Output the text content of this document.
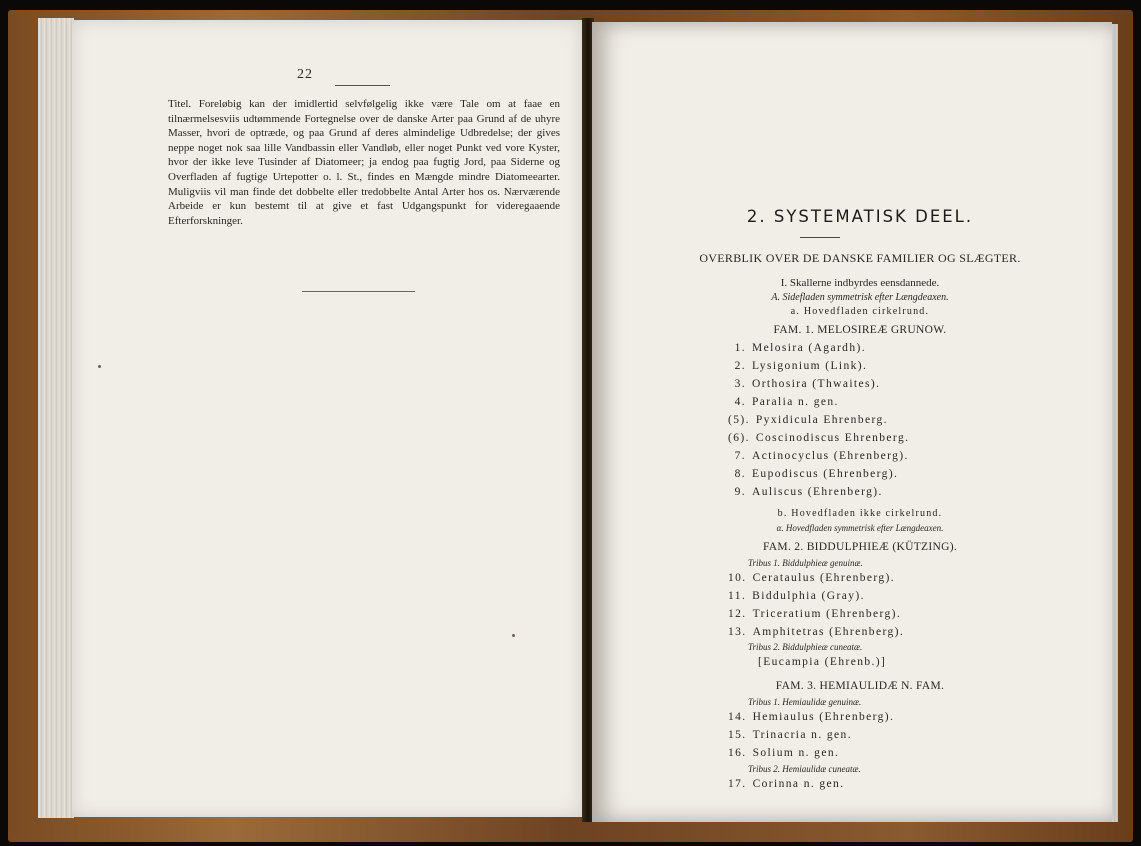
22
Titel. Foreløbig kan der imidlertid selvfølgelig ikke være Tale om at faae en tilnærmelsesviis udtømmende Fortegnelse over de danske Arter paa Grund af de uhyre Masser, hvori de optræde, og paa Grund af deres almindelige Udbredelse; der gives neppe noget nok saa lille Vandbassin eller Vandløb, eller noget Punkt ved vore Kyster, hvor der ikke leve Tusinder af Diatomeer; ja endog paa fugtig Jord, paa Siderne og Overfladen af fugtige Urtepotter o. l. St., findes en Mængde mindre Diatomeearter. Muligviis vil man finde det dobbelte eller tredobbelte Antal Arter hos os. Nærværende Arbeide er kun bestemt til at give et fast Udgangspunkt for videregaaende Efterforskninger.	2. SYSTEMATISK DEEL.
OVERBLIK OVER DE DANSKE FAMILIER OG SLÆGTER.
I. Skallerne indbyrdes eensdannede.
A. Sidefladen symmetrisk efter Længdeaxen.
a. Hovedfladen cirkelrund.
FAM. 1. MELOSIREÆ GRUNOW.
1. Melosira (Agardh).
2. Lysigonium (Link).
3. Orthosira (Thwaites).
4. Paralia n. gen.
(5). Pyxidicula Ehrenberg.
(6). Coscinodiscus Ehrenberg.
7. Actinocyclus (Ehrenberg).
8. Eupodiscus (Ehrenberg).
9. Auliscus (Ehrenberg).
b. Hovedfladen ikke cirkelrund.
α. Hovedfladen symmetrisk efter Længdeaxen.
FAM. 2. BIDDULPHIEÆ (KÜTZING).
Tribus 1. Biddulphieæ genuinæ.
10. Cerataulus (Ehrenberg).
11. Biddulphia (Gray).
12. Triceratium (Ehrenberg).
13. Amphitetras (Ehrenberg).
Tribus 2. Biddulphieæ cuneatæ.
[Eucampia (Ehrenb.)]
FAM. 3. HEMIAULIDÆ N. FAM.
Tribus 1. Hemiaulidæ genuinæ.
14. Hemiaulus (Ehrenberg).
15. Trinacria n. gen.
16. Solium n. gen.
Tribus 2. Hemiaulidæ cuneatæ.
17. Corinna n. gen.
